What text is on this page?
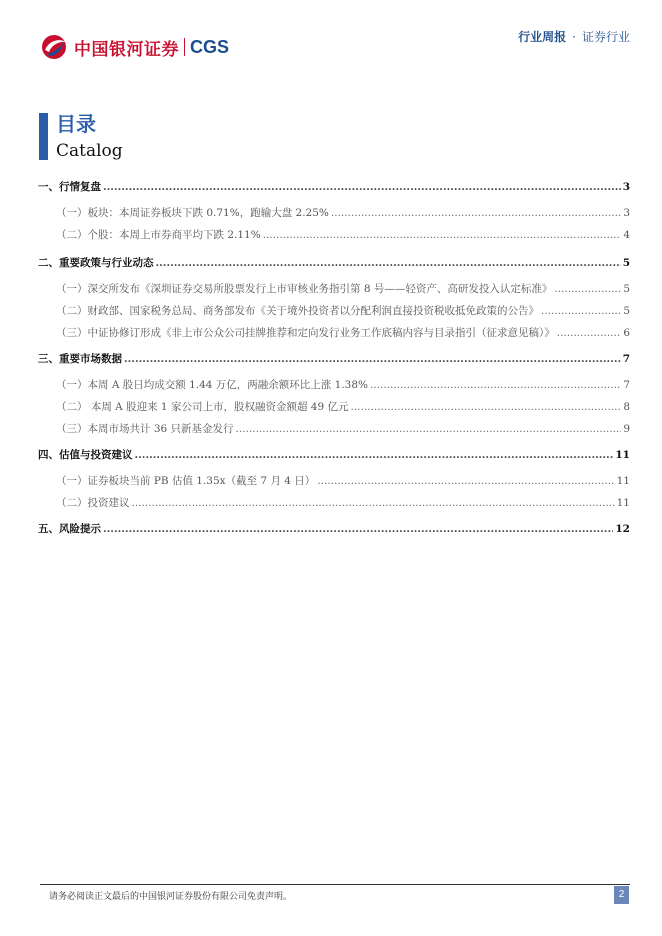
中国银河证券 CGS	行业周报 · 证券行业
目录
Catalog
一、行情复盘 .....	3
（一）板块：本周证券板块下跌 0.71%，跑输大盘 2.25% .....	3
（二）个股：本周上市券商平均下跌 2.11% .....	4
二、重要政策与行业动态 .....	5
（一）深交所发布《深圳证券交易所股票发行上市审核业务指引第 8 号——轻资产、高研发投入认定标准》 .....	5
（二）财政部、国家税务总局、商务部发布《关于境外投资者以分配利润直接投资税收抵免政策的公告》 .....	5
（三）中证协修订形成《非上市公众公司挂牌推荐和定向发行业务工作底稿内容与目录指引（征求意见稿）》 .....	6
三、重要市场数据 .....	7
（一）本周 A 股日均成交额 1.44 万亿，两融余额环比上涨 1.38% .....	7
（二） 本周 A 股迎来 1 家公司上市，股权融资金额超 49 亿元 .....	8
（三）本周市场共计 36 只新基金发行 .....	9
四、估值与投资建议 .....	11
（一）证券板块当前 PB 估值 1.35x（截至 7 月 4 日） .....	11
（二）投资建议 .....	11
五、风险提示 .....	12
请务必阅读正文最后的中国银河证券股份有限公司免责声明。	2
